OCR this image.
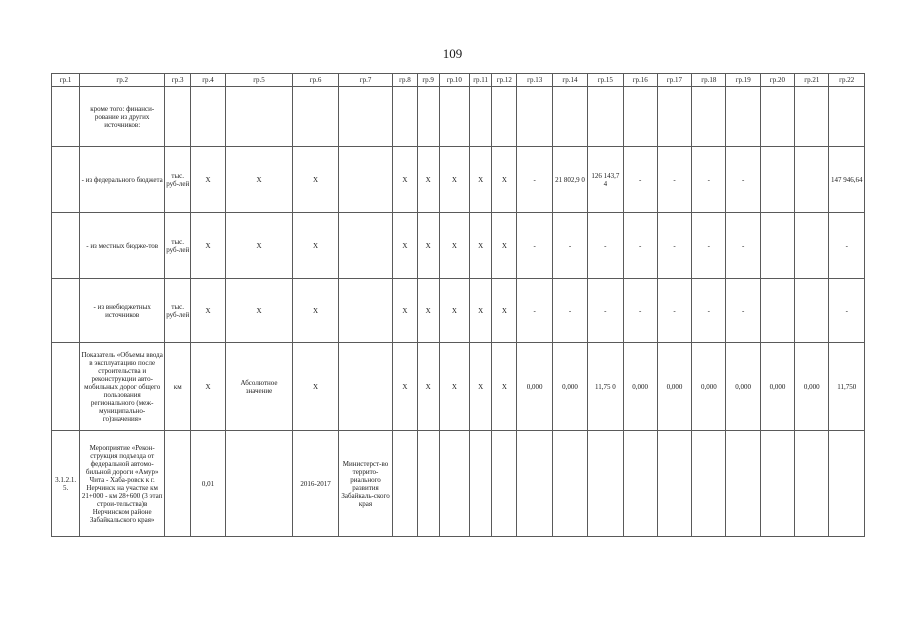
109
гр.1	гр.2	гр.3	гр.4	гр.5	гр.6	гр.7	гр.8	гр.9	гр.10	гр.11	гр.12	гр.13	гр.14	гр.15	гр.16	гр.17	гр.18	гр.19	гр.20	гр.21	гр.22
	кроме того: финанси-рование из других источников:																				
	- из федерального бюджета	тыс. руб-лей	X	X	X		X	X	X	X	X	-	21 802,9 0	126 143,7 4	-	-	-	-			147 946,64
	- из местных бюдже-тов	тыс. руб-лей	X	X	X		X	X	X	X	X	-	-	-	-	-	-	-			-
	- из внебюджетных источников	тыс. руб-лей	X	X	X		X	X	X	X	X	-	-	-	-	-	-	-			-
	Показатель «Объемы ввода в эксплуатацию после строительства и реконструкции авто-мобильных дорог общего пользования регионального (меж-муниципально-го)значения»	км	X	Абсолютное значение	X		X	X	X	X	X	0,000	0,000	11,75 0	0,000	0,000	0,000	0,000	0,000	0,000	11,750
3.1.2.1. 5.	Мероприятие «Рекон-струкция подъезда от федеральной автомо-бильной дороги «Амур» Чита - Хаба-ровск к г. Нерчинск на участке км 21+000 - км 28+600 (3 этап строи-тельства)в Нерчинском районе Забайкальского края»		0,01		2016-2017	Министерст-во террито-риального развития Забайкаль-ского края															
